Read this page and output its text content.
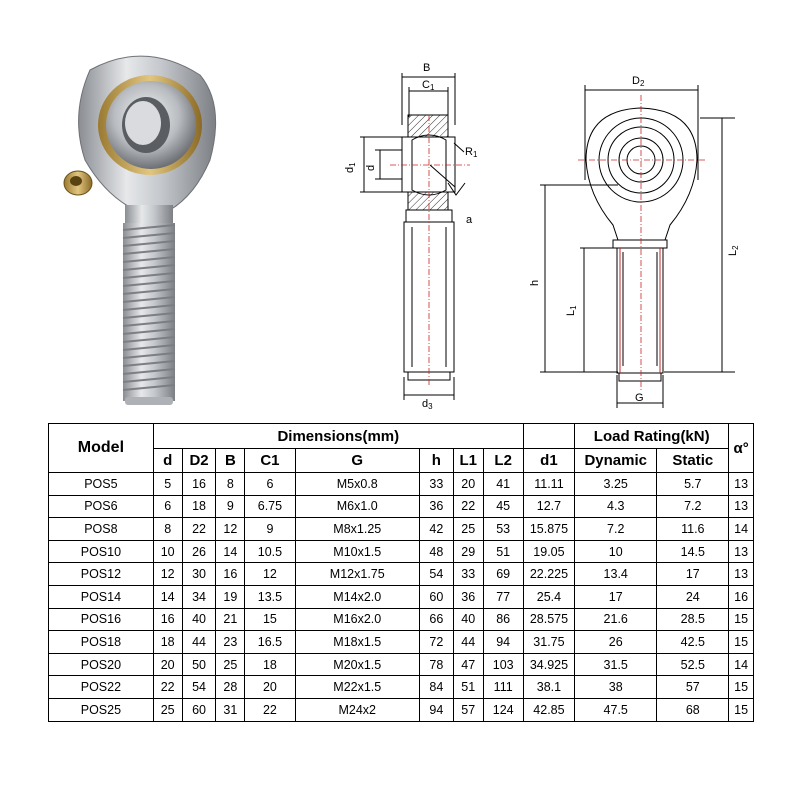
B
C1
d1
d
R1
a
d3
D2
h
L1
L2
G
Model	Dimensions(mm)									Load Rating(kN)		α°
	d	D2	B	C1	G	h	L1	L2	d1	Dynamic	Static	
POS5	5	16	8	6	M5x0.8	33	20	41	11.11	3.25	5.7	13
POS6	6	18	9	6.75	M6x1.0	36	22	45	12.7	4.3	7.2	13
POS8	8	22	12	9	M8x1.25	42	25	53	15.875	7.2	11.6	14
POS10	10	26	14	10.5	M10x1.5	48	29	51	19.05	10	14.5	13
POS12	12	30	16	12	M12x1.75	54	33	69	22.225	13.4	17	13
POS14	14	34	19	13.5	M14x2.0	60	36	77	25.4	17	24	16
POS16	16	40	21	15	M16x2.0	66	40	86	28.575	21.6	28.5	15
POS18	18	44	23	16.5	M18x1.5	72	44	94	31.75	26	42.5	15
POS20	20	50	25	18	M20x1.5	78	47	103	34.925	31.5	52.5	14
POS22	22	54	28	20	M22x1.5	84	51	111	38.1	38	57	15
POS25	25	60	31	22	M24x2	94	57	124	42.85	47.5	68	15
